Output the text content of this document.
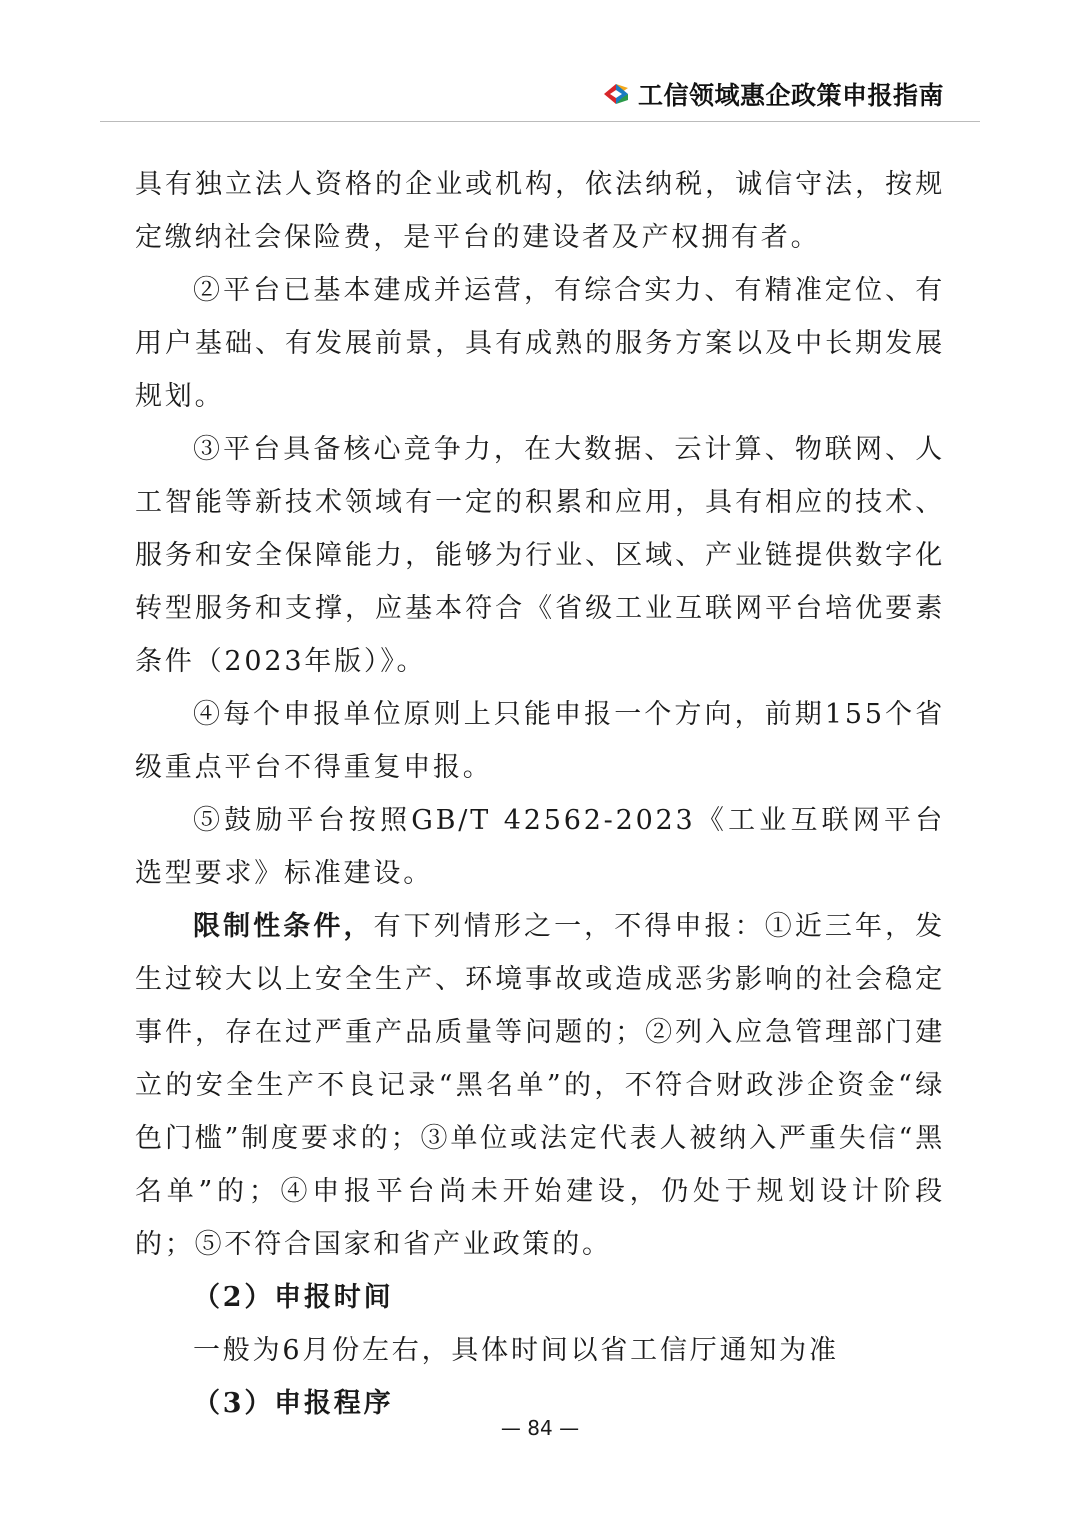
工信领域惠企政策申报指南

具有独立法人资格的企业或机构，依法纳税，诚信守法，按规定缴纳社会保险费，是平台的建设者及产权拥有者。

②平台已基本建成并运营，有综合实力、有精准定位、有用户基础、有发展前景，具有成熟的服务方案以及中长期发展规划。

③平台具备核心竞争力，在大数据、云计算、物联网、人工智能等新技术领域有一定的积累和应用，具有相应的技术、服务和安全保障能力，能够为行业、区域、产业链提供数字化转型服务和支撑，应基本符合《省级工业互联网平台培优要素条件（2023年版）》。

④每个申报单位原则上只能申报一个方向，前期155个省级重点平台不得重复申报。

⑤鼓励平台按照GB/T 42562-2023《工业互联网平台选型要求》标准建设。

限制性条件，有下列情形之一，不得申报：①近三年，发生过较大以上安全生产、环境事故或造成恶劣影响的社会稳定事件，存在过严重产品质量等问题的；②列入应急管理部门建立的安全生产不良记录“黑名单”的，不符合财政涉企资金“绿色门槛”制度要求的；③单位或法定代表人被纳入严重失信“黑名单”的；④申报平台尚未开始建设，仍处于规划设计阶段的；⑤不符合国家和省产业政策的。

（2）申报时间

一般为6月份左右，具体时间以省工信厅通知为准

（3）申报程序

— 84 —
